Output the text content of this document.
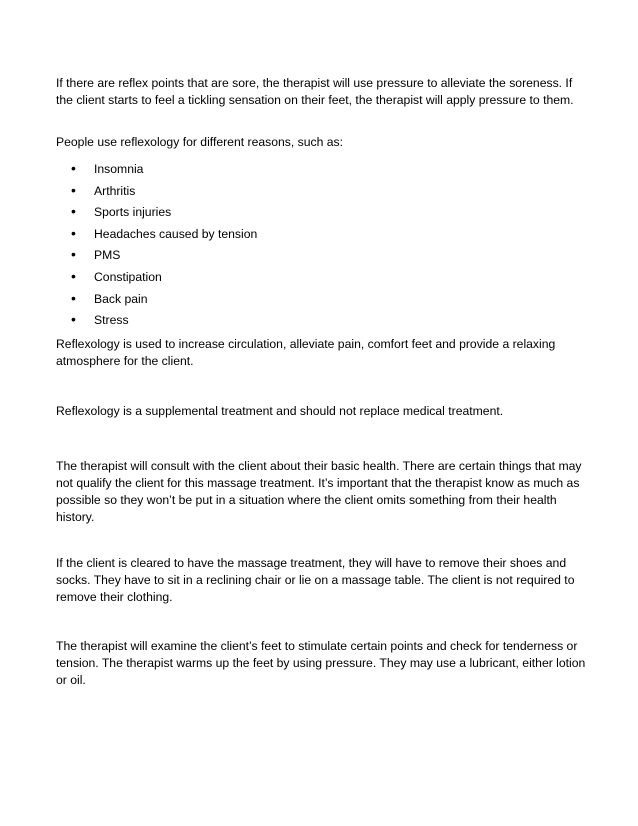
If there are reflex points that are sore, the therapist will use pressure to alleviate the soreness. If the client starts to feel a tickling sensation on their feet, the therapist will apply pressure to them.

People use reflexology for different reasons, such as:

• Insomnia
• Arthritis
• Sports injuries
• Headaches caused by tension
• PMS
• Constipation
• Back pain
• Stress

Reflexology is used to increase circulation, alleviate pain, comfort feet and provide a relaxing atmosphere for the client.

Reflexology is a supplemental treatment and should not replace medical treatment.

The therapist will consult with the client about their basic health. There are certain things that may not qualify the client for this massage treatment. It’s important that the therapist know as much as possible so they won’t be put in a situation where the client omits something from their health history.

If the client is cleared to have the massage treatment, they will have to remove their shoes and socks. They have to sit in a reclining chair or lie on a massage table. The client is not required to remove their clothing.

The therapist will examine the client’s feet to stimulate certain points and check for tenderness or tension. The therapist warms up the feet by using pressure. They may use a lubricant, either lotion or oil.
